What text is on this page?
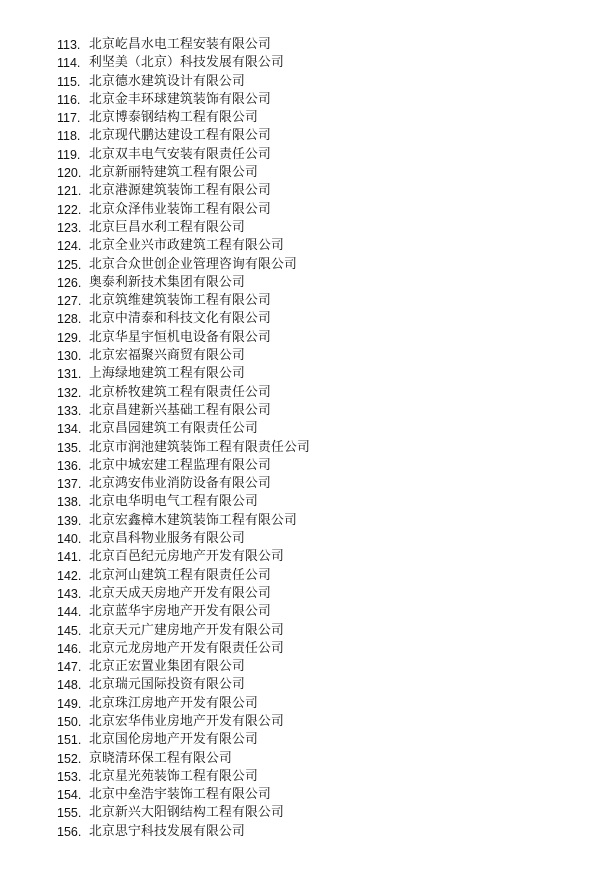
113. 北京屹昌水电工程安装有限公司
114. 利坚美（北京）科技发展有限公司
115. 北京德水建筑设计有限公司
116. 北京金丰环球建筑装饰有限公司
117. 北京博泰钢结构工程有限公司
118. 北京现代鹏达建设工程有限公司
119. 北京双丰电气安装有限责任公司
120. 北京新丽特建筑工程有限公司
121. 北京港源建筑装饰工程有限公司
122. 北京众泽伟业装饰工程有限公司
123. 北京巨昌水利工程有限公司
124. 北京全业兴市政建筑工程有限公司
125. 北京合众世创企业管理咨询有限公司
126. 奥泰利新技术集团有限公司
127. 北京筑维建筑装饰工程有限公司
128. 北京中清泰和科技文化有限公司
129. 北京华星宇恒机电设备有限公司
130. 北京宏福聚兴商贸有限公司
131. 上海绿地建筑工程有限公司
132. 北京桥牧建筑工程有限责任公司
133. 北京昌建新兴基础工程有限公司
134. 北京昌园建筑工有限责任公司
135. 北京市润池建筑装饰工程有限责任公司
136. 北京中城宏建工程监理有限公司
137. 北京鸿安伟业消防设备有限公司
138. 北京电华明电气工程有限公司
139. 北京宏鑫樟木建筑装饰工程有限公司
140. 北京昌科物业服务有限公司
141. 北京百邑纪元房地产开发有限公司
142. 北京河山建筑工程有限责任公司
143. 北京天成天房地产开发有限公司
144. 北京蓝华宇房地产开发有限公司
145. 北京天元广建房地产开发有限公司
146. 北京元龙房地产开发有限责任公司
147. 北京正宏置业集团有限公司
148. 北京瑞元国际投资有限公司
149. 北京珠江房地产开发有限公司
150. 北京宏华伟业房地产开发有限公司
151. 北京国伦房地产开发有限公司
152. 京晓清环保工程有限公司
153. 北京星光苑装饰工程有限公司
154. 北京中垒浩宇装饰工程有限公司
155. 北京新兴大阳钢结构工程有限公司
156. 北京思宁科技发展有限公司
